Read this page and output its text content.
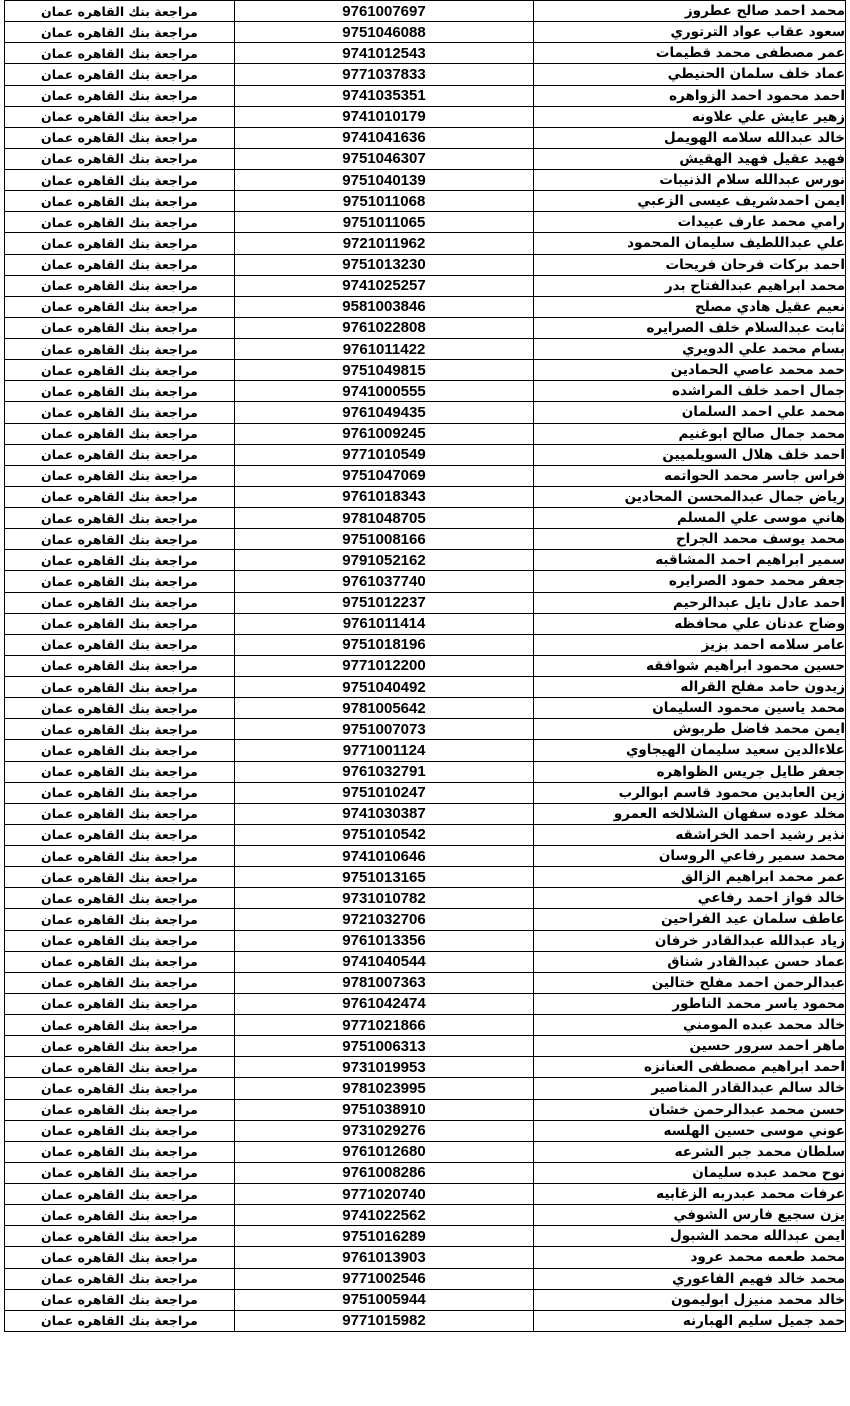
مراجعة بنك القاهره عمان	9761007697	محمد احمد صالح عطروز
مراجعة بنك القاهره عمان	9751046088	سعود عقاب عواد الترتوري
مراجعة بنك القاهره عمان	9741012543	عمر مصطفى محمد قطيمات
مراجعة بنك القاهره عمان	9771037833	عماد خلف سلمان الحنيطي
مراجعة بنك القاهره عمان	9741035351	احمد محمود احمد الزواهره
مراجعة بنك القاهره عمان	9741010179	زهير عايش علي علاونه
مراجعة بنك القاهره عمان	9741041636	خالد عبدالله سلامه الهويمل
مراجعة بنك القاهره عمان	9751046307	فهيد عقيل فهيد الهقيش
مراجعة بنك القاهره عمان	9751040139	نورس عبدالله سلام الذنيبات
مراجعة بنك القاهره عمان	9751011068	ايمن احمدشريف عيسى الزعبي
مراجعة بنك القاهره عمان	9751011065	رامي محمد عارف عبيدات
مراجعة بنك القاهره عمان	9721011962	علي عبداللطيف سليمان المحمود
مراجعة بنك القاهره عمان	9751013230	احمد بركات فرحان فريحات
مراجعة بنك القاهره عمان	9741025257	محمد ابراهيم عبدالفتاح بدر
مراجعة بنك القاهره عمان	9581003846	نعيم عقيل هادي مصلح
مراجعة بنك القاهره عمان	9761022808	ثابت عبدالسلام خلف الصرايره
مراجعة بنك القاهره عمان	9761011422	بسام محمد علي الدويري
مراجعة بنك القاهره عمان	9751049815	حمد محمد عاصي الحمادين
مراجعة بنك القاهره عمان	9741000555	جمال احمد خلف المراشده
مراجعة بنك القاهره عمان	9761049435	محمد علي احمد السلمان
مراجعة بنك القاهره عمان	9761009245	محمد جمال صالح ابوغنيم
مراجعة بنك القاهره عمان	9771010549	احمد خلف هلال السويلميين
مراجعة بنك القاهره عمان	9751047069	فراس جاسر محمد الحواتمه
مراجعة بنك القاهره عمان	9761018343	رياض جمال عبدالمحسن المحادين
مراجعة بنك القاهره عمان	9781048705	هاني موسى علي المسلم
مراجعة بنك القاهره عمان	9751008166	محمد يوسف محمد الجراح
مراجعة بنك القاهره عمان	9791052162	سمير ابراهيم احمد المشاقبه
مراجعة بنك القاهره عمان	9761037740	جعفر محمد حمود الصرايره
مراجعة بنك القاهره عمان	9751012237	احمد عادل نايل عبدالرحيم
مراجعة بنك القاهره عمان	9761011414	وضاح عدنان علي محافظه
مراجعة بنك القاهره عمان	9751018196	عامر سلامه احمد بزيز
مراجعة بنك القاهره عمان	9771012200	حسين محمود ابراهيم شوافقه
مراجعة بنك القاهره عمان	9751040492	زيدون حامد مفلح القراله
مراجعة بنك القاهره عمان	9781005642	محمد ياسين محمود السليمان
مراجعة بنك القاهره عمان	9751007073	ايمن محمد فاضل طربوش
مراجعة بنك القاهره عمان	9771001124	علاءالدين سعيد سليمان الهيجاوي
مراجعة بنك القاهره عمان	9761032791	جعفر طايل جريس الظواهره
مراجعة بنك القاهره عمان	9751010247	زين العابدين محمود قاسم ابوالرب
مراجعة بنك القاهره عمان	9741030387	مخلد عوده سفهان الشلالخه العمرو
مراجعة بنك القاهره عمان	9751010542	نذير رشيد احمد الخراشقه
مراجعة بنك القاهره عمان	9741010646	محمد سمير رفاعي الروسان
مراجعة بنك القاهره عمان	9751013165	عمر محمد ابراهيم الزالق
مراجعة بنك القاهره عمان	9731010782	خالد فواز احمد رفاعي
مراجعة بنك القاهره عمان	9721032706	عاطف سلمان عيد الفراحين
مراجعة بنك القاهره عمان	9761013356	زياد عبدالله عبدالقادر خرفان
مراجعة بنك القاهره عمان	9741040544	عماد حسن عبدالقادر شناق
مراجعة بنك القاهره عمان	9781007363	عبدالرحمن احمد مفلح ختالين
مراجعة بنك القاهره عمان	9761042474	محمود ياسر محمد الناطور
مراجعة بنك القاهره عمان	9771021866	خالد محمد عبده المومني
مراجعة بنك القاهره عمان	9751006313	ماهر احمد سرور حسين
مراجعة بنك القاهره عمان	9731019953	احمد ابراهيم مصطفى العنانزه
مراجعة بنك القاهره عمان	9781023995	خالد سالم عبدالقادر المناصير
مراجعة بنك القاهره عمان	9751038910	حسن محمد عبدالرحمن خشان
مراجعة بنك القاهره عمان	9731029276	عوني موسى حسين الهلسه
مراجعة بنك القاهره عمان	9761012680	سلطان محمد جبر الشرعه
مراجعة بنك القاهره عمان	9761008286	نوح محمد عبده سليمان
مراجعة بنك القاهره عمان	9771020740	عرفات محمد عبدربه الزغابيه
مراجعة بنك القاهره عمان	9741022562	يزن سجيع فارس الشوفي
مراجعة بنك القاهره عمان	9751016289	ايمن عبدالله محمد الشبول
مراجعة بنك القاهره عمان	9761013903	محمد طعمه محمد عرود
مراجعة بنك القاهره عمان	9771002546	محمد خالد فهيم الفاعوري
مراجعة بنك القاهره عمان	9751005944	خالد محمد منيزل ابوليمون
مراجعة بنك القاهره عمان	9771015982	حمد جميل سليم الهبارنه
